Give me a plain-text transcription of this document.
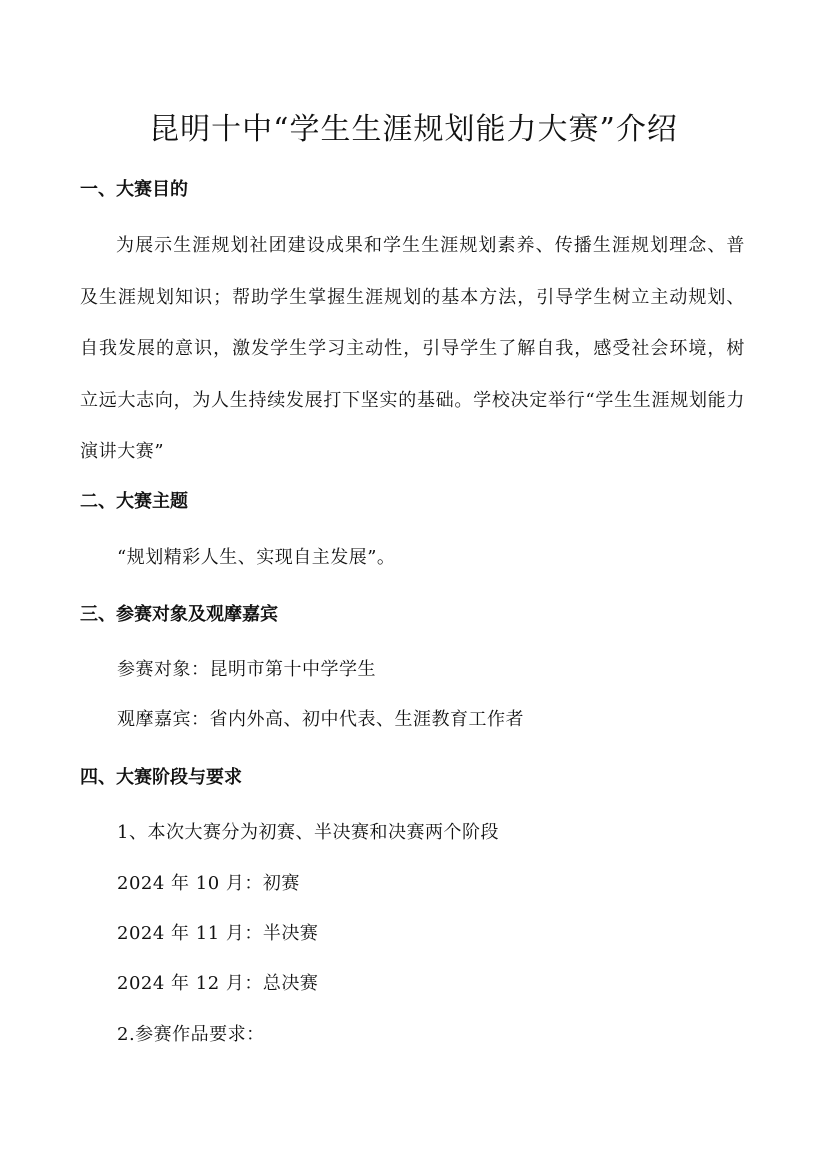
昆明十中“学生生涯规划能力大赛”介绍
一、大赛目的

为展示生涯规划社团建设成果和学生生涯规划素养、传播生涯规划理念、普及生涯规划知识；帮助学生掌握生涯规划的基本方法，引导学生树立主动规划、自我发展的意识，激发学生学习主动性，引导学生了解自我，感受社会环境，树立远大志向，为人生持续发展打下坚实的基础。学校决定举行“学生生涯规划能力演讲大赛”

二、大赛主题

“规划精彩人生、实现自主发展”。

三、参赛对象及观摩嘉宾

参赛对象：昆明市第十中学学生

观摩嘉宾：省内外高、初中代表、生涯教育工作者

四、大赛阶段与要求

1、本次大赛分为初赛、半决赛和决赛两个阶段

2024 年 10 月：初赛

2024 年 11 月：半决赛

2024 年 12 月：总决赛

2.参赛作品要求：
